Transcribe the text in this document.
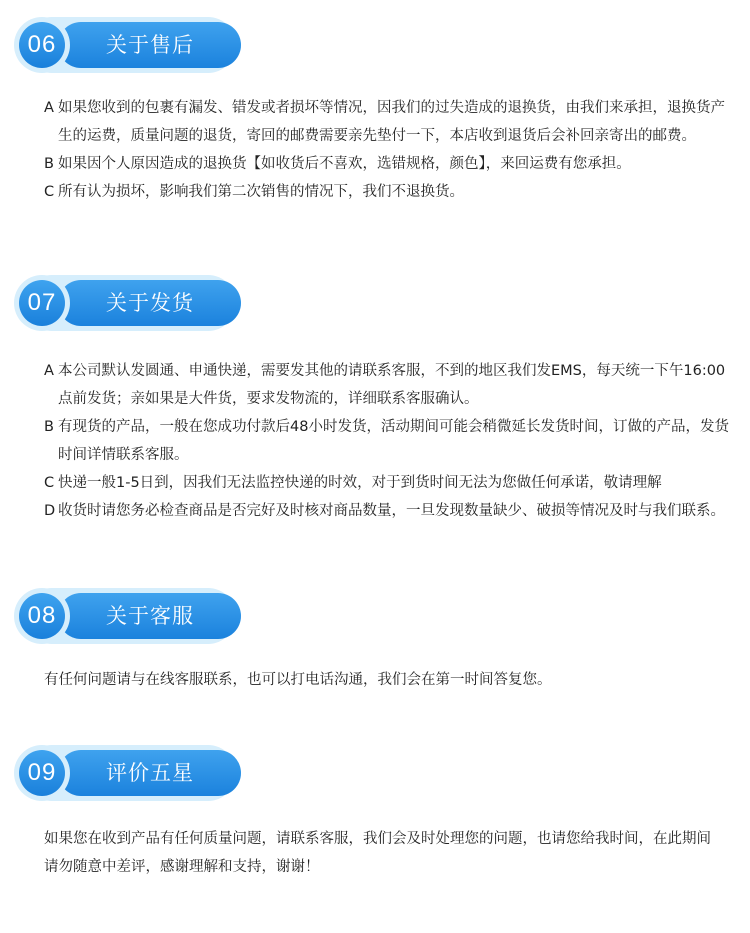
06	关于售后
A 如果您收到的包裹有漏发、错发或者损坏等情况，因我们的过失造成的退换货，由我们来承担，退换货产生的运费，质量问题的退货，寄回的邮费需要亲先垫付一下，本店收到退货后会补回亲寄出的邮费。
B 如果因个人原因造成的退换货【如收货后不喜欢，选错规格，颜色】，来回运费有您承担。
C 所有认为损坏，影响我们第二次销售的情况下，我们不退换货。
07	关于发货
A 本公司默认发圆通、申通快递，需要发其他的请联系客服，不到的地区我们发EMS，每天统一下午16:00点前发货；亲如果是大件货，要求发物流的，详细联系客服确认。
B 有现货的产品，一般在您成功付款后48小时发货，活动期间可能会稍微延长发货时间，订做的产品，发货时间详情联系客服。
C 快递一般1-5日到，因我们无法监控快递的时效，对于到货时间无法为您做任何承诺，敬请理解
D 收货时请您务必检查商品是否完好及时核对商品数量，一旦发现数量缺少、破损等情况及时与我们联系。
08	关于客服

有任何问题请与在线客服联系，也可以打电话沟通，我们会在第一时间答复您。

09	评价五星

如果您在收到产品有任何质量问题，请联系客服，我们会及时处理您的问题，也请您给我时间，在此期间请勿随意中差评，感谢理解和支持，谢谢！
